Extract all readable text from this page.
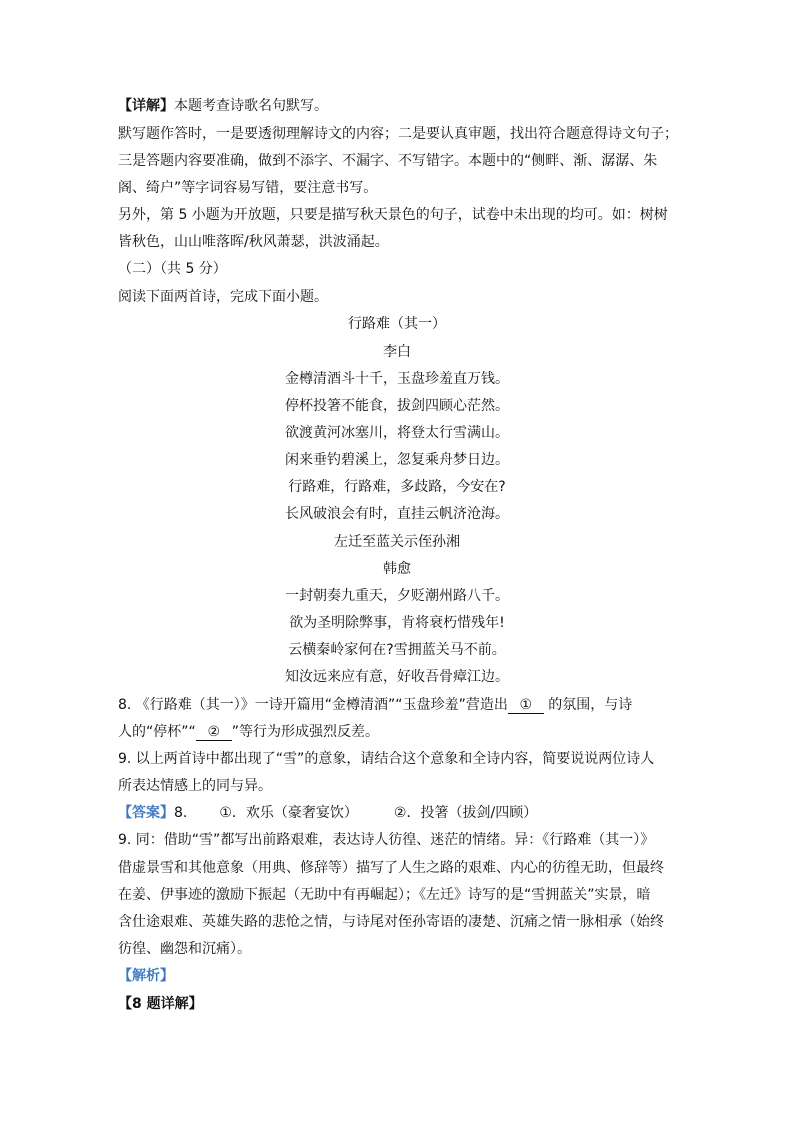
【详解】本题考查诗歌名句默写。
默写题作答时，一是要透彻理解诗文的内容；二是要认真审题，找出符合题意得诗文句子；
三是答题内容要准确，做到不添字、不漏字、不写错字。本题中的“侧畔、渐、潺潺、朱
阁、绮户”等字词容易写错，要注意书写。
另外，第 5 小题为开放题，只要是描写秋天景色的句子，试卷中未出现的均可。如：树树
皆秋色，山山唯落晖/秋风萧瑟，洪波涌起。
（二）（共 5 分）
阅读下面两首诗，完成下面小题。
行路难（其一）
李白
金樽清酒斗十千，玉盘珍羞直万钱。
停杯投箸不能食，拔剑四顾心茫然。
欲渡黄河冰塞川，将登太行雪满山。
闲来垂钓碧溪上，忽复乘舟梦日边。
行路难，行路难，多歧路，今安在?
长风破浪会有时，直挂云帆济沧海。
左迁至蓝关示侄孙湘
韩愈
一封朝奏九重天，夕贬潮州路八千。
欲为圣明除弊事，肯将衰朽惜残年!
云横秦岭家何在?雪拥蓝关马不前。
知汝远来应有意，好收吾骨瘴江边。
8. 《行路难（其一）》一诗开篇用“金樽清酒”“玉盘珍羞”营造出 ① 的氛围，与诗
人的“停杯”“ ② ”等行为形成强烈反差。
9. 以上两首诗中都出现了“雪”的意象，请结合这个意象和全诗内容，简要说说两位诗人
所表达情感上的同与异。
【答案】8. ①．欢乐（豪奢宴饮）	②．投箸（拔剑/四顾）
9. 同：借助“雪”都写出前路艰难，表达诗人彷徨、迷茫的情绪。异：《行路难（其一）》
借虚景雪和其他意象（用典、修辞等）描写了人生之路的艰难、内心的彷徨无助，但最终
在姜、伊事迹的激励下振起（无助中有再崛起）；《左迁》诗写的是“雪拥蓝关”实景，暗
含仕途艰难、英雄失路的悲怆之情，与诗尾对侄孙寄语的凄楚、沉痛之情一脉相承（始终
彷徨、幽怨和沉痛）。
【解析】
【8 题详解】
